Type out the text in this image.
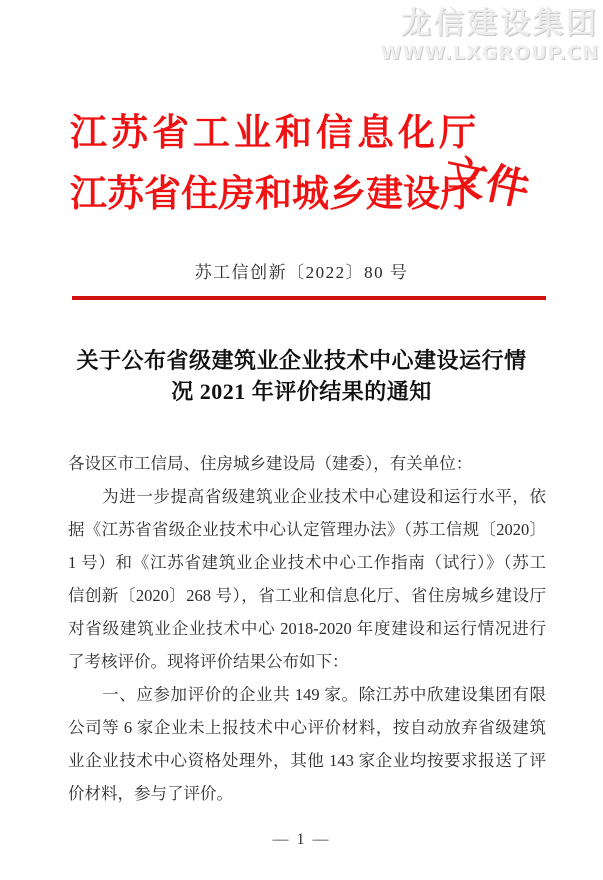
龙信建设集团
WWW.LXGROUP.CN
江苏省工业和信息化厅
江苏省住房和城乡建设厅
文件
苏工信创新〔2022〕80 号
关于公布省级建筑业企业技术中心建设运行情
况 2021 年评价结果的通知
各设区市工信局、住房城乡建设局（建委），有关单位：
　　为进一步提高省级建筑业企业技术中心建设和运行水平，依
据《江苏省省级企业技术中心认定管理办法》（苏工信规〔2020〕
1 号）和《江苏省建筑业企业技术中心工作指南（试行）》（苏工
信创新〔2020〕268 号），省工业和信息化厅、省住房城乡建设厅
对省级建筑业企业技术中心 2018-2020 年度建设和运行情况进行
了考核评价。现将评价结果公布如下：
　　一、应参加评价的企业共 149 家。除江苏中欣建设集团有限
公司等 6 家企业未上报技术中心评价材料，按自动放弃省级建筑
业企业技术中心资格处理外，其他 143 家企业均按要求报送了评
价材料，参与了评价。
— 1 —
